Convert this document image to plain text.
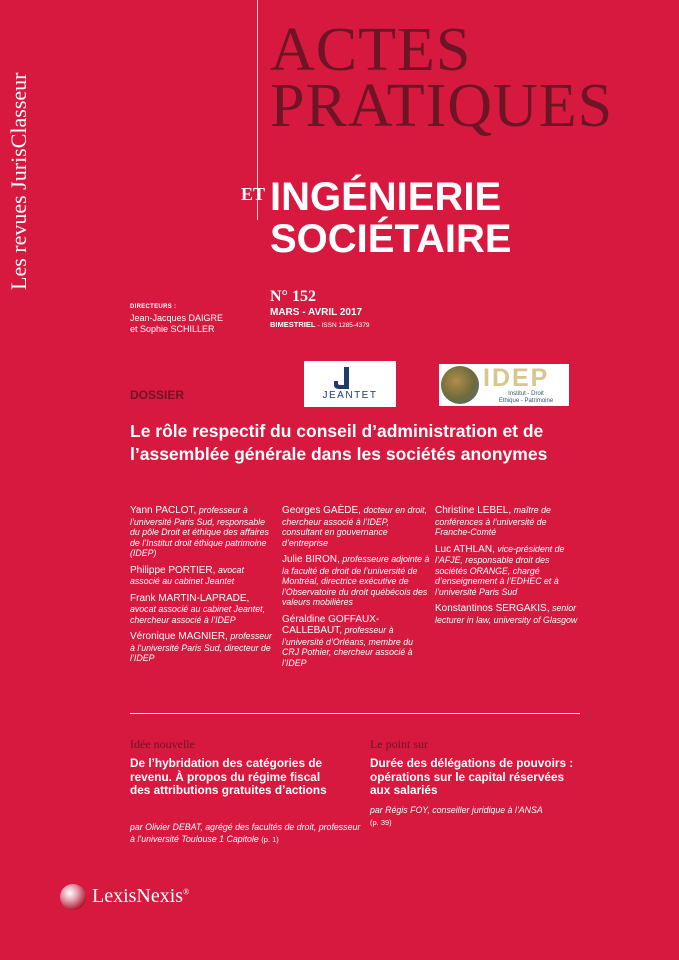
Les revues JurisClasseur
ACTES
PRATIQUES
ET INGÉNIERIE
SOCIÉTAIRE
DIRECTEURS :
Jean-Jacques DAIGRE
et Sophie SCHILLER
N° 152
MARS - AVRIL 2017
BIMESTRIEL - ISSN 1285-4379
DOSSIER	JEANTET
IDEP
Institut - Droit
Ethique - Patrimoine
Le rôle respectif du conseil d’administration et de
l’assemblée générale dans les sociétés anonymes
Yann PACLOT, professeur à l’université Paris Sud, responsable du pôle Droit et éthique des affaires de l’Institut droit éthique patrimoine (IDEP)
Philippe PORTIER, avocat associé au cabinet Jeantet
Frank MARTIN-LAPRADE, avocat associé au cabinet Jeantet, chercheur associé à l’IDEP
Véronique MAGNIER, professeur à l’université Paris Sud, directeur de l’IDEP
Georges GAÈDE, docteur en droit, chercheur associé à l’IDEP, consultant en gouvernance d’entreprise
Julie BIRON, professeure adjointe à la faculté de droit de l’université de Montréal, directrice exécutive de l’Observatoire du droit québécois des valeurs mobilières
Géraldine GOFFAUX-CALLEBAUT, professeur à l’université d’Orléans, membre du CRJ Pothier, chercheur associé à l’IDEP
Christine LEBEL, maître de conférences à l’université de Franche-Comté
Luc ATHLAN, vice-président de l’AFJE, responsable droit des sociétés ORANGE, chargé d’enseignement à l’EDHEC et à l’université Paris Sud
Konstantinos SERGAKIS, senior lecturer in law, university of Glasgow
Idée nouvelle	Le point sur
De l’hybridation des catégories de revenu. À propos du régime fiscal des attributions gratuites d’actions
Durée des délégations de pouvoirs : opérations sur le capital réservées aux salariés
par Olivier DEBAT, agrégé des facultés de droit, professeur à l’université Toulouse 1 Capitole (p. 1)
par Régis FOY, conseiller juridique à l’ANSA
(p. 39)
LexisNexis®
